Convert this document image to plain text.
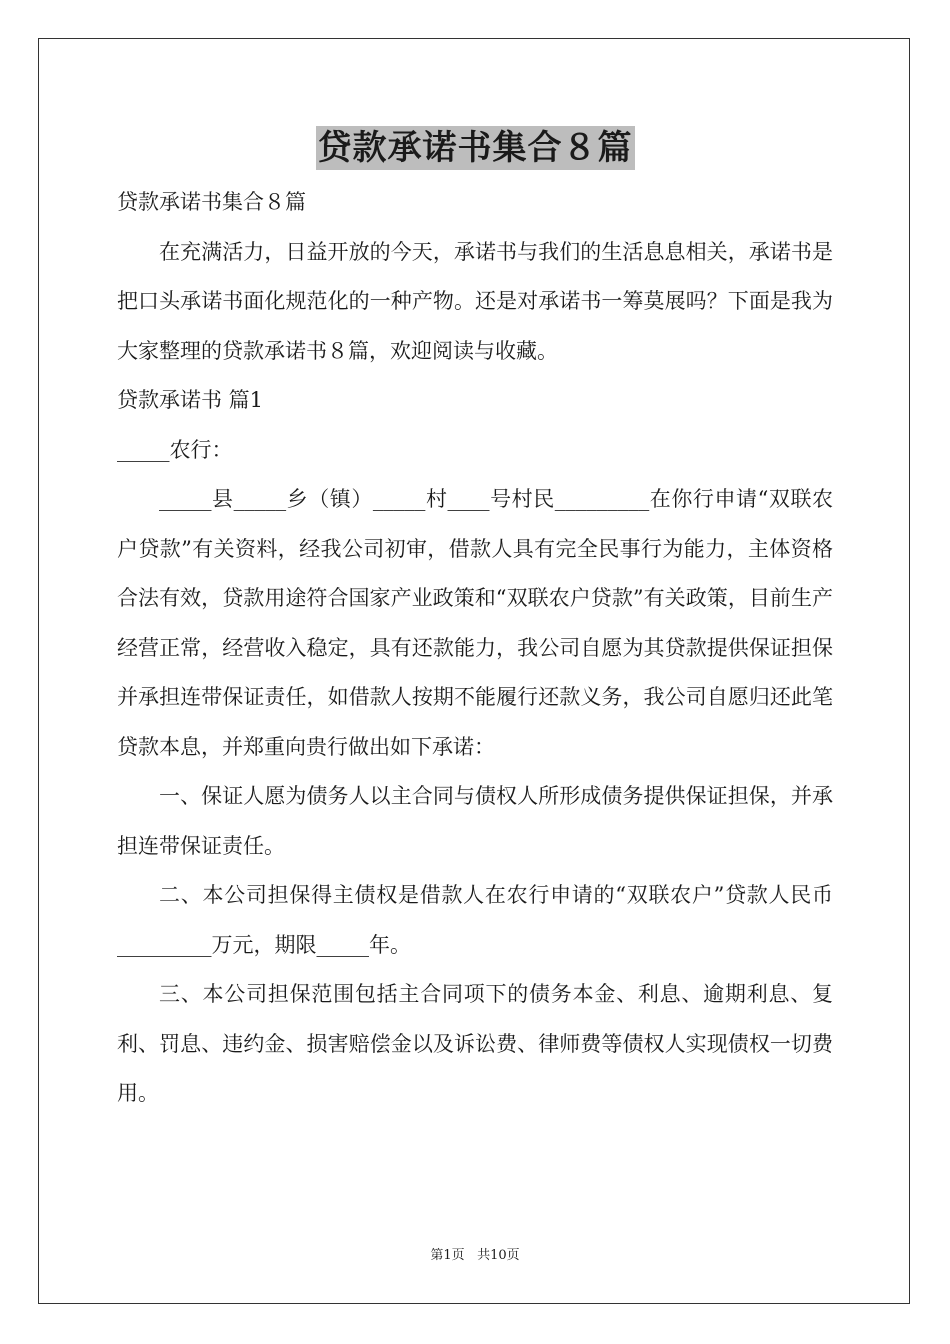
贷款承诺书集合８篇

贷款承诺书集合８篇

在充满活力，日益开放的今天，承诺书与我们的生活息息相关，承诺书是把口头承诺书面化规范化的一种产物。还是对承诺书一筹莫展吗？下面是我为大家整理的贷款承诺书８篇，欢迎阅读与收藏。

贷款承诺书 篇1

_____农行：

_____县_____乡（镇）_____村____号村民_________在你行申请“双联农户贷款”有关资料，经我公司初审，借款人具有完全民事行为能力，主体资格合法有效，贷款用途符合国家产业政策和“双联农户贷款”有关政策，目前生产经营正常，经营收入稳定，具有还款能力，我公司自愿为其贷款提供保证担保并承担连带保证责任，如借款人按期不能履行还款义务，我公司自愿归还此笔贷款本息，并郑重向贵行做出如下承诺：

一、保证人愿为债务人以主合同与债权人所形成债务提供保证担保，并承担连带保证责任。

二、本公司担保得主债权是借款人在农行申请的“双联农户”贷款人民币_________万元，期限_____年。

三、本公司担保范围包括主合同项下的债务本金、利息、逾期利息、复利、罚息、违约金、损害赔偿金以及诉讼费、律师费等债权人实现债权一切费用。

第1页 共10页
